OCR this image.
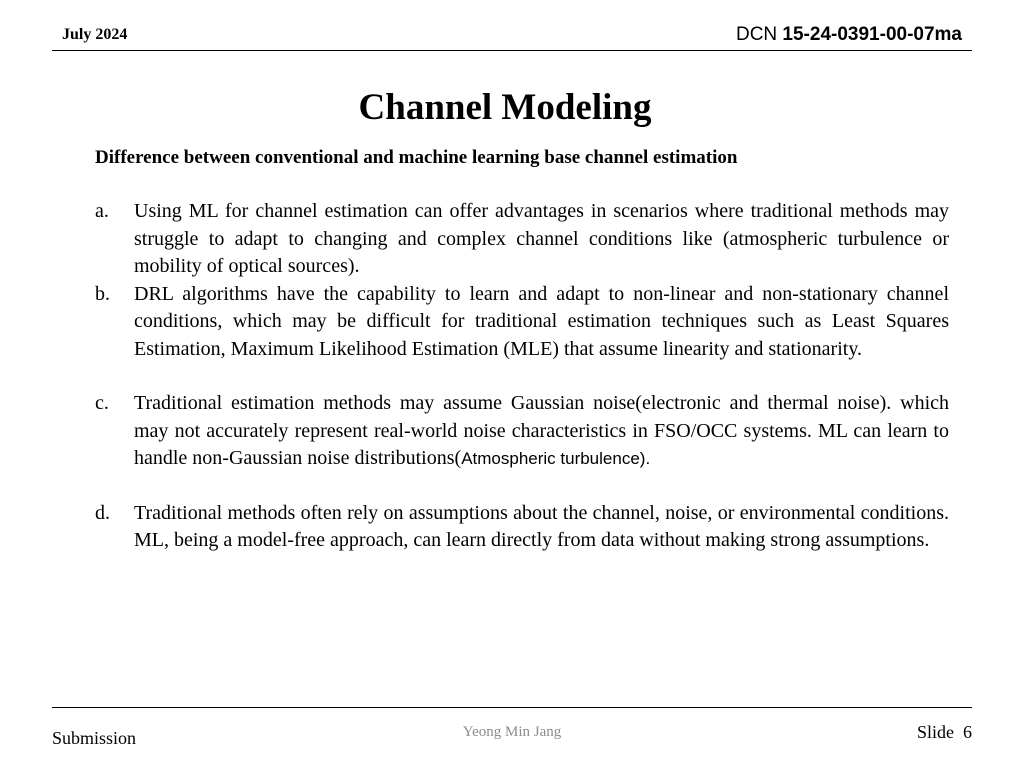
July 2024	DCN 15-24-0391-00-07ma
Channel Modeling
Difference between conventional and machine learning base channel estimation
a.	Using ML for channel estimation can offer advantages in scenarios where traditional methods may struggle to adapt to changing and complex channel conditions like (atmospheric turbulence or mobility of optical sources).
b.	DRL algorithms have the capability to learn and adapt to non-linear and non-stationary channel conditions, which may be difficult for traditional estimation techniques such as Least Squares Estimation, Maximum Likelihood Estimation (MLE) that assume linearity and stationarity.
c.	Traditional estimation methods may assume Gaussian noise(electronic and thermal noise). which may not accurately represent real-world noise characteristics in FSO/OCC systems. ML can learn to handle non-Gaussian noise distributions(Atmospheric turbulence).
d.	Traditional methods often rely on assumptions about the channel, noise, or environmental conditions. ML, being a model-free approach, can learn directly from data without making strong assumptions.
Submission	Yeong Min Jang	Slide 6
